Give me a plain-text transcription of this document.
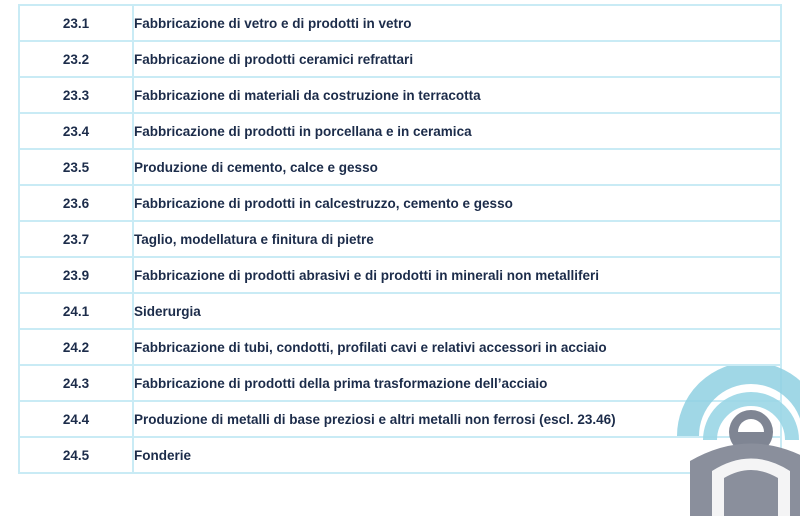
23.1	Fabbricazione di vetro e di prodotti in vetro
23.2	Fabbricazione di prodotti ceramici refrattari
23.3	Fabbricazione di materiali da costruzione in terracotta
23.4	Fabbricazione di prodotti in porcellana e in ceramica
23.5	Produzione di cemento, calce e gesso
23.6	Fabbricazione di prodotti in calcestruzzo, cemento e gesso
23.7	Taglio, modellatura e finitura di pietre
23.9	Fabbricazione di prodotti abrasivi e di prodotti in minerali non metalliferi
24.1	Siderurgia
24.2	Fabbricazione di tubi, condotti, profilati cavi e relativi accessori in acciaio
24.3	Fabbricazione di prodotti della prima trasformazione dell’acciaio
24.4	Produzione di metalli di base preziosi e altri metalli non ferrosi (escl. 23.46)
24.5	Fonderie
